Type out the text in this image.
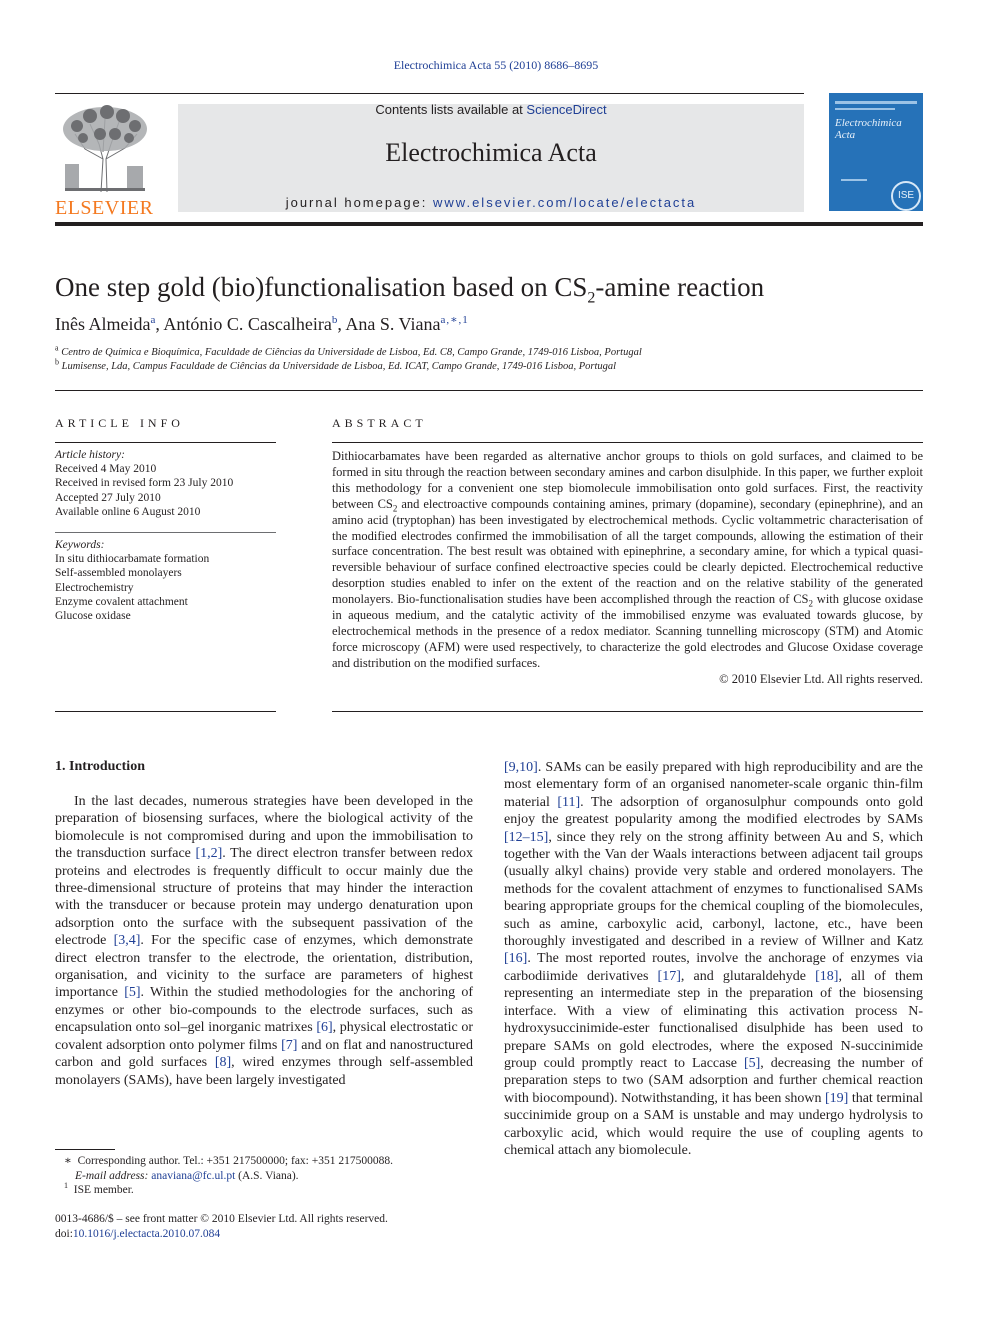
Electrochimica Acta 55 (2010) 8686–8695
ELSEVIER
Contents lists available at ScienceDirect
Electrochimica Acta
journal homepage: www.elsevier.com/locate/electacta
Electrochimica Acta
ISE
One step gold (bio)functionalisation based on $CS_2$-amine reaction
Inês Almeida$^a$, António C. Cascalheira$^b$, Ana S. Viana$^{a,∗,1}$
$^a$ Centro de Química e Bioquímica, Faculdade de Ciências da Universidade de Lisboa, Ed. C8, Campo Grande, 1749-016 Lisboa, Portugal
$^b$ Lumisense, Lda, Campus Faculdade de Ciências da Universidade de Lisboa, Ed. ICAT, Campo Grande, 1749-016 Lisboa, Portugal
ARTICLE INFO
Article history:
Received 4 May 2010
Received in revised form 23 July 2010
Accepted 27 July 2010
Available online 6 August 2010
Keywords:
In situ dithiocarbamate formation
Self-assembled monolayers
Electrochemistry
Enzyme covalent attachment
Glucose oxidase
ABSTRACT
Dithiocarbamates have been regarded as alternative anchor groups to thiols on gold surfaces, and claimed to be formed in situ through the reaction between secondary amines and carbon disulphide. In this paper, we further exploit this methodology for a convenient one step biomolecule immobilisation onto gold surfaces. First, the reactivity between $CS_2$ and electroactive compounds containing amines, primary (dopamine), secondary (epinephrine), and an amino acid (tryptophan) has been investigated by electrochemical methods. Cyclic voltammetric characterisation of the modified electrodes confirmed the immobilisation of all the target compounds, allowing the estimation of their surface concentration. The best result was obtained with epinephrine, a secondary amine, for which a typical quasi-reversible behaviour of surface confined electroactive species could be clearly depicted. Electrochemical reductive desorption studies enabled to infer on the extent of the reaction and on the relative stability of the generated monolayers. Bio-functionalisation studies have been accomplished through the reaction of $CS_2$ with glucose oxidase in aqueous medium, and the catalytic activity of the immobilised enzyme was evaluated towards glucose, by electrochemical methods in the presence of a redox mediator. Scanning tunnelling microscopy (STM) and Atomic force microscopy (AFM) were used respectively, to characterize the gold electrodes and Glucose Oxidase coverage and distribution on the modified surfaces.
© 2010 Elsevier Ltd. All rights reserved.
1. Introduction
In the last decades, numerous strategies have been developed in the preparation of biosensing surfaces, where the biological activity of the biomolecule is not compromised during and upon the immobilisation to the transduction surface [1,2]. The direct electron transfer between redox proteins and electrodes is frequently difficult to occur mainly due the three-dimensional structure of proteins that may hinder the interaction with the transducer or because protein may undergo denaturation upon adsorption onto the surface with the subsequent passivation of the electrode [3,4]. For the specific case of enzymes, which demonstrate direct electron transfer to the electrode, the orientation, distribution, organisation, and vicinity to the surface are parameters of highest importance [5]. Within the studied methodologies for the anchoring of enzymes or other bio-compounds to the electrode surfaces, such as encapsulation onto sol–gel inorganic matrixes [6], physical electrostatic or covalent adsorption onto polymer films [7] and on flat and nanostructured carbon and gold surfaces [8], wired enzymes through self-assembled monolayers (SAMs), have been largely investigated
[9,10]. SAMs can be easily prepared with high reproducibility and are the most elementary form of an organised nanometer-scale organic thin-film material [11]. The adsorption of organosulphur compounds onto gold enjoy the greatest popularity among the modified electrodes by SAMs [12–15], since they rely on the strong affinity between Au and S, which together with the Van der Waals interactions between adjacent tail groups (usually alkyl chains) provide very stable and ordered monolayers. The methods for the covalent attachment of enzymes to functionalised SAMs bearing appropriate groups for the chemical coupling of the biomolecules, such as amine, carboxylic acid, carbonyl, lactone, etc., have been thoroughly investigated and described in a review of Willner and Katz [16]. The most reported routes, involve the anchorage of enzymes via carbodiimide derivatives [17], and glutaraldehyde [18], all of them representing an intermediate step in the preparation of the biosensing interface. With a view of eliminating this activation process N-hydroxysuccinimide-ester functionalised disulphide has been used to prepare SAMs on gold electrodes, where the exposed N-succinimide group could promptly react to Laccase [5], decreasing the number of preparation steps to two (SAM adsorption and further chemical reaction with biocompound). Notwithstanding, it has been shown [19] that terminal succinimide group on a SAM is unstable and may undergo hydrolysis to carboxylic acid, which would require the use of coupling agents to chemical attach any biomolecule.
∗ Corresponding author. Tel.: +351 217500000; fax: +351 217500088.
E-mail address: anaviana@fc.ul.pt (A.S. Viana).
$^1$ ISE member.
0013-4686/$ – see front matter © 2010 Elsevier Ltd. All rights reserved.
doi:10.1016/j.electacta.2010.07.084
